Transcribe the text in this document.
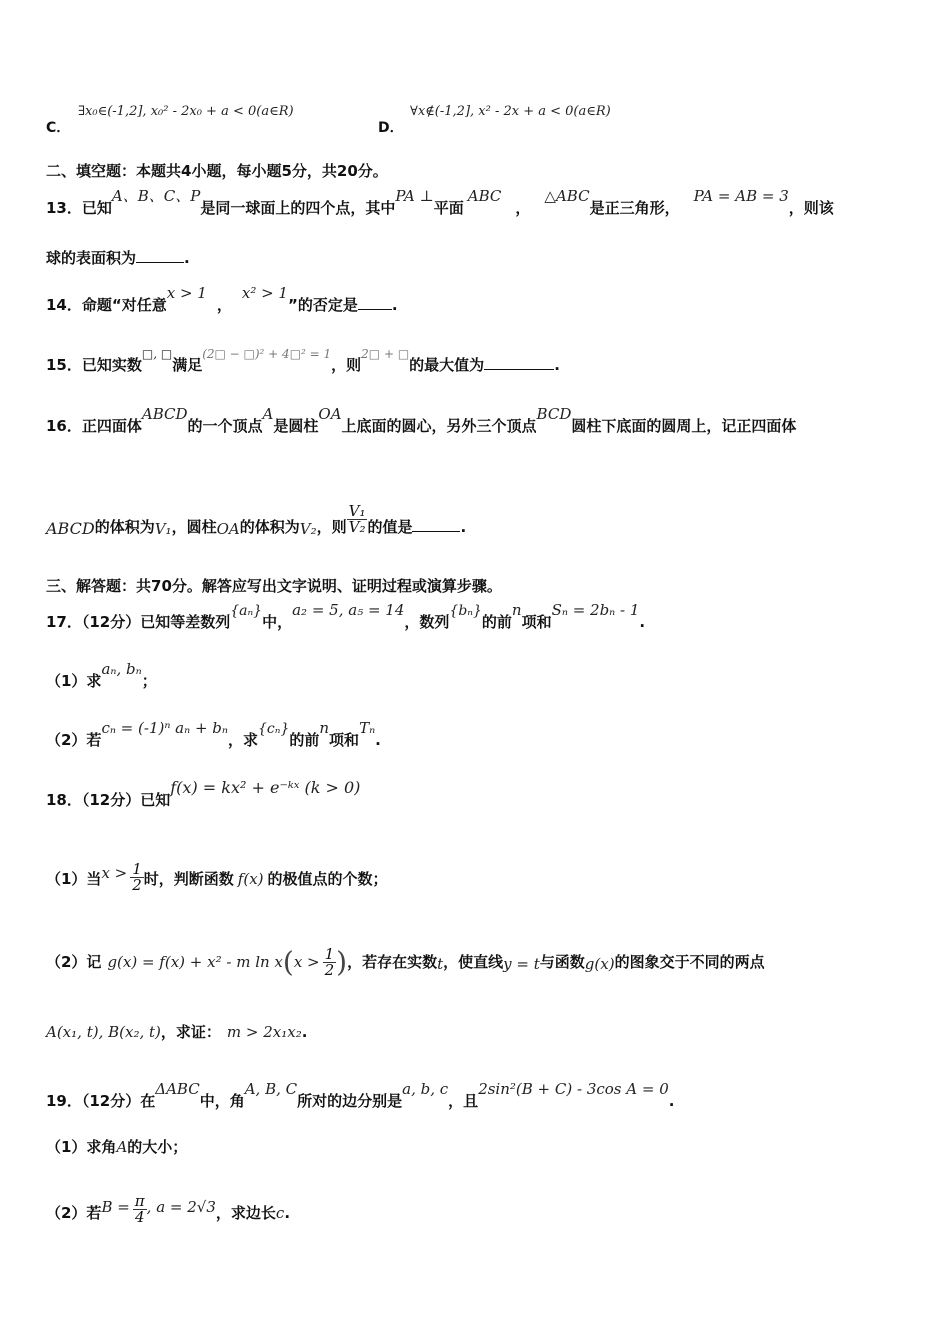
C．
∃x₀∈(-1,2], x₀² - 2x₀ + a < 0(a∈R)
D．
∀x∉(-1,2], x² - 2x + a < 0(a∈R)
二、填空题：本题共4小题，每小题5分，共20分。
13．已知A、B、C、P是同一球面上的四个点，其中PA ⊥平面ABC，△ABC是正三角形，PA = AB = 3，则该
球的表面积为	.
14．命题“对任意x > 1，x² > 1”的否定是 .
15．已知实数□, □满足$^{(2□ - □)^2 + 4□^2 = 1}$，则$^{2□ + □}$的最大值为	.
16．正四面体ABCD的一个顶点A是圆柱OA上底面的圆心，另外三个顶点BCD圆柱下底面的圆周上，记正四面体
ABCD的体积为V₁，圆柱OA的体积为V₂，则 $\frac{\text{V₁}}{\text{V₂}}$ 的值是	.
三、解答题：共70分。解答应写出文字说明、证明过程或演算步骤。
17．（12分）已知等差数列{aₙ}中，a₂ = 5, a₅ = 14，数列{bₙ}的前n项和Sₙ = 2bₙ - 1.
（1）求aₙ, bₙ；
（2）若cₙ = (-1)ⁿ aₙ + bₙ，求{cₙ}的前n项和Tₙ.
18．（12分）已知f(x) = kx² + e⁻ᵏˣ (k > 0)
（1）当$x > \frac{1}{2}$ 时，判断函数 f(x) 的极值点的个数；
（2）记 g(x) = f(x) + x² - m $\ln x(x > \frac{1}{2}$ )，若存在实数t，使直线y = t与函数g(x)的图象交于不同的两点
A(x₁, t), B(x₂, t)，求证： m > 2x₁x₂.
19．（12分）在ΔABC中，角A, B, C所对的边分别是a, b, c，且2sin²(B + C) - 3cos A = 0.
（1）求角A的大小；
（2）若$B = \frac{\pi}{4}$ , a = 2√3，求边长c.
